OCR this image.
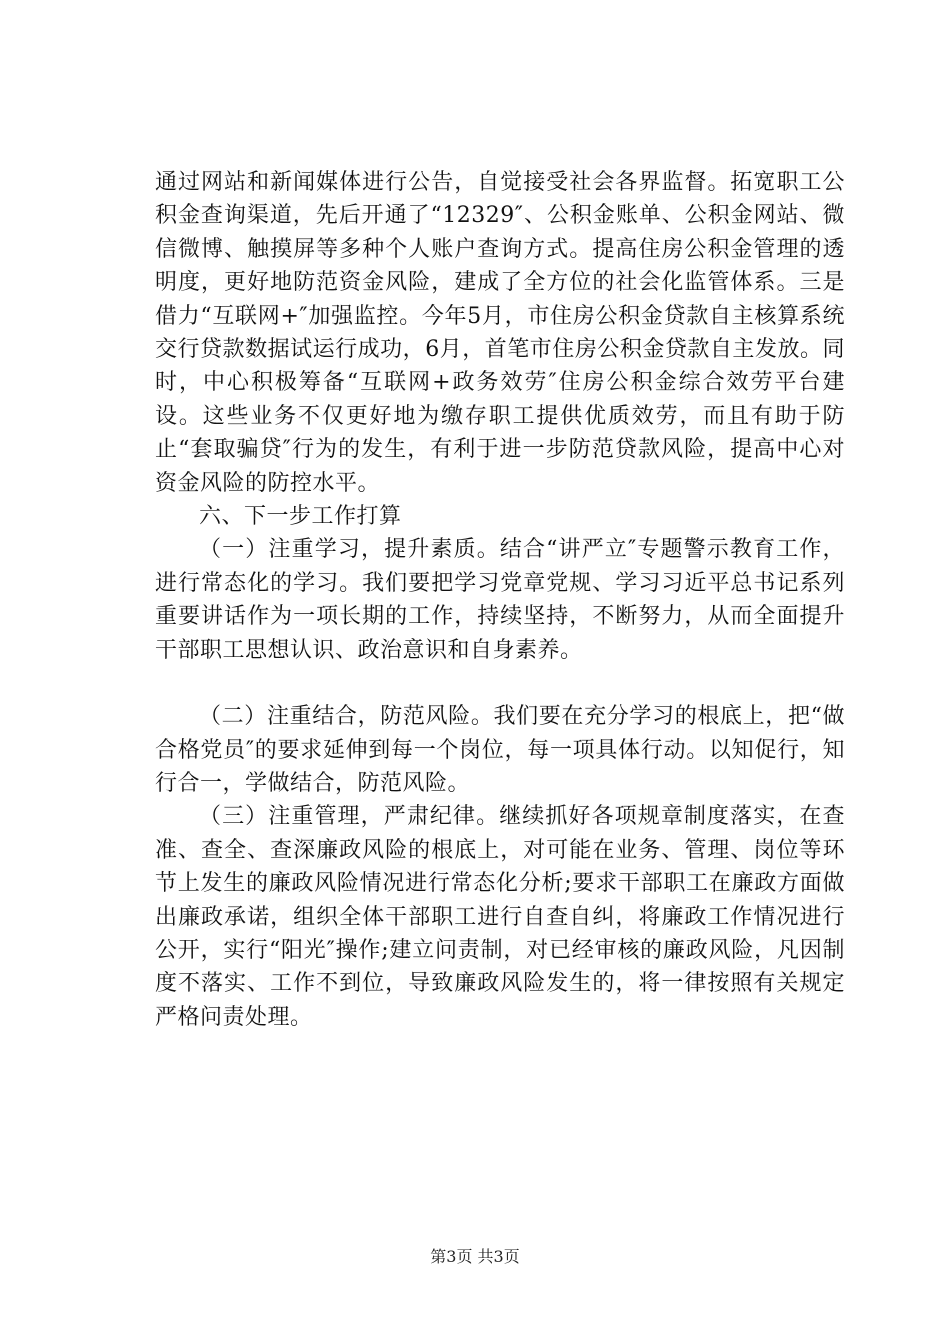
通过网站和新闻媒体进行公告，自觉接受社会各界监督。拓宽职工公积金查询渠道，先后开通了“12329″、公积金账单、公积金网站、微信微博、触摸屏等多种个人账户查询方式。提高住房公积金管理的透明度，更好地防范资金风险，建成了全方位的社会化监管体系。三是借力“互联网+″加强监控。今年5月，市住房公积金贷款自主核算系统交行贷款数据试运行成功，6月，首笔市住房公积金贷款自主发放。同时，中心积极筹备“互联网+政务效劳″住房公积金综合效劳平台建设。这些业务不仅更好地为缴存职工提供优质效劳，而且有助于防止“套取骗贷″行为的发生，有利于进一步防范贷款风险，提高中心对资金风险的防控水平。

六、下一步工作打算

（一）注重学习，提升素质。结合“讲严立″专题警示教育工作，进行常态化的学习。我们要把学习党章党规、学习习近平总书记系列重要讲话作为一项长期的工作，持续坚持，不断努力，从而全面提升干部职工思想认识、政治意识和自身素养。

（二）注重结合，防范风险。我们要在充分学习的根底上，把“做合格党员″的要求延伸到每一个岗位，每一项具体行动。以知促行，知行合一，学做结合，防范风险。

（三）注重管理，严肃纪律。继续抓好各项规章制度落实，在查准、查全、查深廉政风险的根底上，对可能在业务、管理、岗位等环节上发生的廉政风险情况进行常态化分析;要求干部职工在廉政方面做出廉政承诺，组织全体干部职工进行自查自纠，将廉政工作情况进行公开，实行“阳光″操作;建立问责制，对已经审核的廉政风险，凡因制度不落实、工作不到位，导致廉政风险发生的，将一律按照有关规定严格问责处理。

第3页 共3页
